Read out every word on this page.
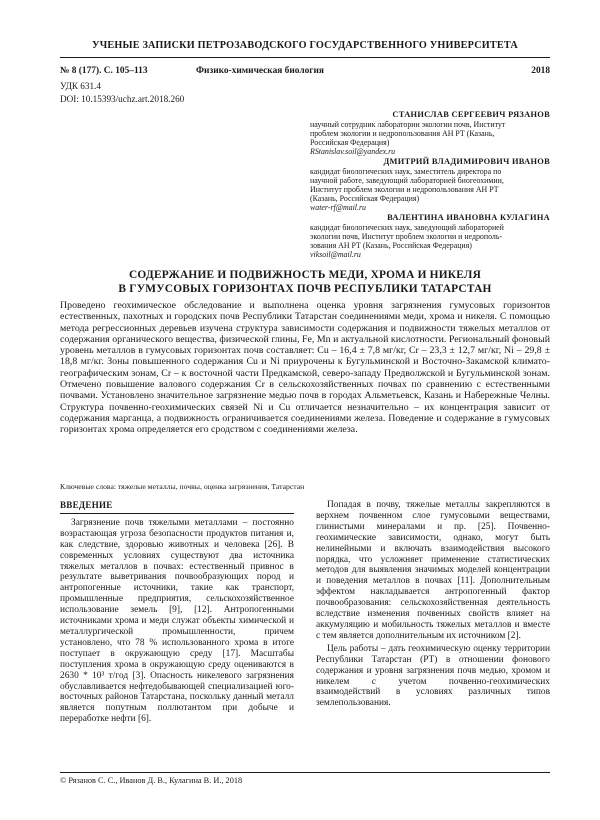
УЧЕНЫЕ ЗАПИСКИ ПЕТРОЗАВОДСКОГО ГОСУДАРСТВЕННОГО УНИВЕРСИТЕТА
№ 8 (177). С. 105–113	Физико-химическая биология	2018
УДК 631.4
DOI: 10.15393/uchz.art.2018.260
СТАНИСЛАВ СЕРГЕЕВИЧ РЯЗАНОВ
научный сотрудник лаборатории экологии почв, Институт
проблем экологии и недропользования АН РТ (Казань,
Российская Федерация)
RStanislav.soil@yandex.ru
ДМИТРИЙ ВЛАДИМИРОВИЧ ИВАНОВ
кандидат биологических наук, заместитель директора по
научной работе, заведующий лабораторией биогеохимии,
Институт проблем экологии и недропользования АН РТ
(Казань, Российская Федерация)
water-rf@mail.ru
ВАЛЕНТИНА ИВАНОВНА КУЛАГИНА
кандидат биологических наук, заведующий лабораторией
экологии почв, Институт проблем экологии и недрополь-
зования АН РТ (Казань, Российская Федерация)
viksoil@mail.ru
СОДЕРЖАНИЕ И ПОДВИЖНОСТЬ МЕДИ, ХРОМА И НИКЕЛЯ
В ГУМУСОВЫХ ГОРИЗОНТАХ ПОЧВ РЕСПУБЛИКИ ТАТАРСТАН
Проведено геохимическое обследование и выполнена оценка уровня загрязнения гумусовых горизонтов естественных, пахотных и городских почв Республики Татарстан соединениями меди, хрома и никеля. С помощью метода регрессионных деревьев изучена структура зависимости содержания и подвижности тяжелых металлов от содержания органического вещества, физической глины, Fe, Mn и актуальной кислотности. Региональный фоновый уровень металлов в гумусовых горизонтах почв составляет: Cu – 16,4 ± 7,8 мг/кг, Cr – 23,3 ± 12,7 мг/кг, Ni – 29,8 ± 18,8 мг/кг. Зоны повышенного содержания Cu и Ni приурочены к Бугульминской и Восточно-Закамской климато-географическим зонам, Cr – к восточной части Предкамской, северо-западу Предволжской и Бугульминской зонам. Отмечено повышение валового содержания Cr в сельскохозяйственных почвах по сравнению с естественными почвами. Установлено значительное загрязнение медью почв в городах Альметьевск, Казань и Набережные Челны. Структура почвенно-геохимических связей Ni и Cu отличается незначительно – их концентрация зависит от содержания марганца, а подвижность ограничивается соединениями железа. Поведение и содержание в гумусовых горизонтах хрома определяется его сродством с соединениями железа.
Ключевые слова: тяжелые металлы, почвы, оценка загрязнения, Татарстан
ВВЕДЕНИЕ

Загрязнение почв тяжелыми металлами – постоянно возрастающая угроза безопасности продуктов питания и, как следствие, здоровью животных и человека [26]. В современных условиях существуют два источника тяжелых металлов в почвах: естественный привнос в результате выветривания почвообразующих пород и антропогенные источники, такие как транспорт, промышленные предприятия, сельскохозяйственное использование земель [9], [12]. Антропогенными источниками хрома и меди служат объекты химической и металлургической промышленности, причем установлено, что 78 % использованного хрома в итоге поступает в окружающую среду [17]. Масштабы поступления хрома в окружающую среду оцениваются в 2630 * 10³ т/год [3]. Опасность никелевого загрязнения обуславливается нефтедобывающей специализацией юго-восточных районов Татарстана, поскольку данный металл является попутным поллютантом при добыче и переработке нефти [6].

Попадая в почву, тяжелые металлы закрепляются в верхнем почвенном слое гумусовыми веществами, глинистыми минералами и пр. [25]. Почвенно-геохимические зависимости, однако, могут быть нелинейными и включать взаимодействия высокого порядка, что усложняет применение статистических методов для выявления значимых моделей концентрации и поведения металлов в почвах [11]. Дополнительным эффектом накладывается антропогенный фактор почвообразования: сельскохозяйственная деятельность вследствие изменения почвенных свойств влияет на аккумуляцию и мобильность тяжелых металлов и вместе с тем является дополнительным их источником [2].

Цель работы – дать геохимическую оценку территории Республики Татарстан (РТ) в отношении фонового содержания и уровня загрязнения почв медью, хромом и никелем с учетом почвенно-геохимических взаимодействий в условиях различных типов землепользования.

© Рязанов С. С., Иванов Д. В., Кулагина В. И., 2018
